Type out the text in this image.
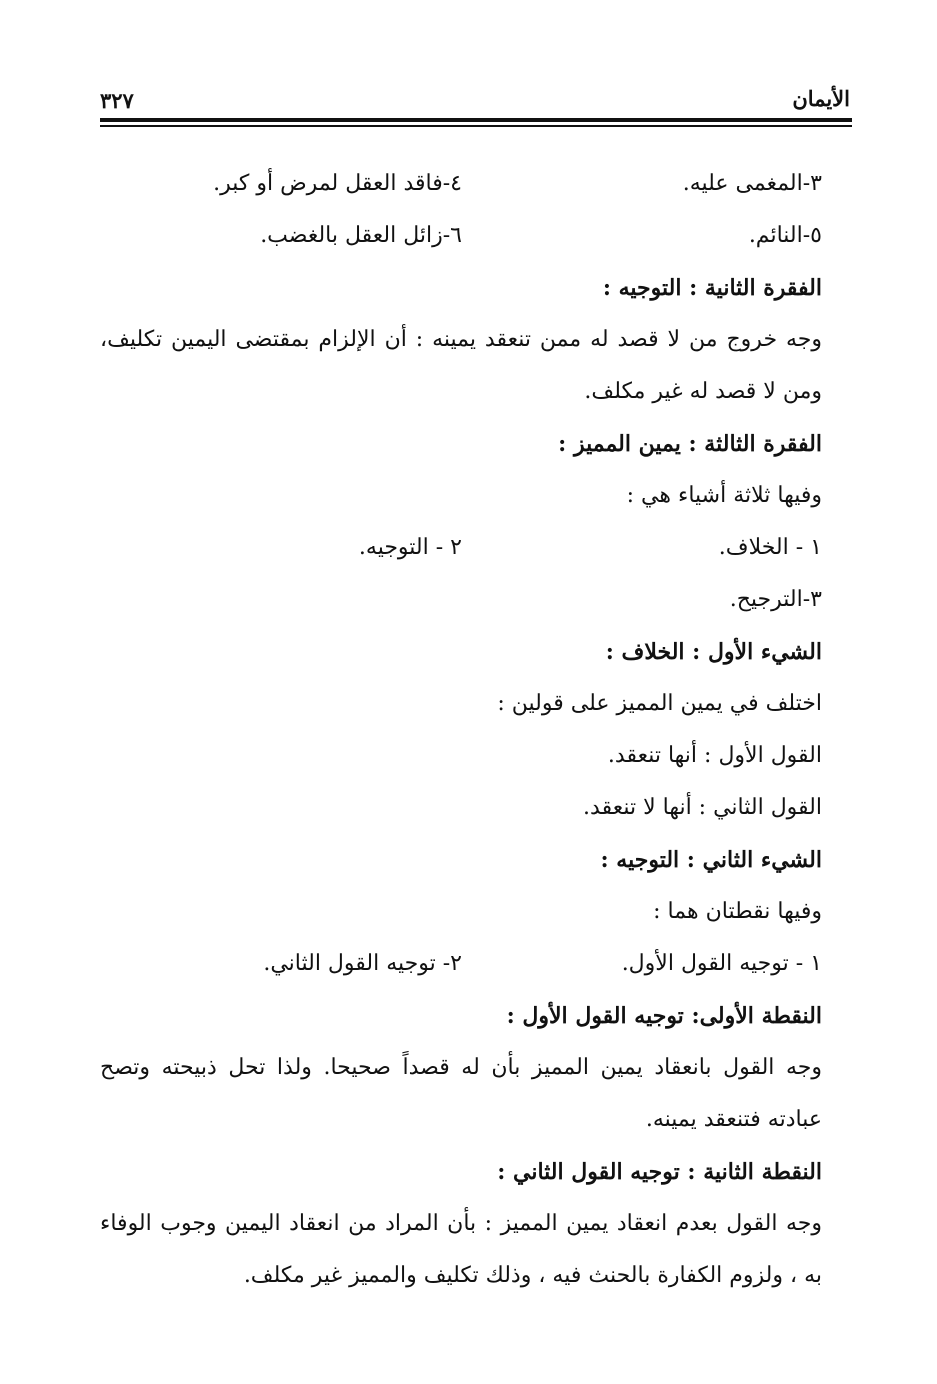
الأيمان
٣٢٧
٣-المغمى عليه.
٤-فاقد العقل لمرض أو كبر.
٥-النائم.
٦-زائل العقل بالغضب.
الفقرة الثانية : التوجيه :

وجه خروج من لا قصد له ممن تنعقد يمينه : أن الإلزام بمقتضى اليمين تكليف، ومن لا قصد له غير مكلف.

الفقرة الثالثة : يمين المميز :
وفيها ثلاثة أشياء هي :
١ - الخلاف.
٢ - التوجيه.
٣-الترجيح.
الشيء الأول : الخلاف :
اختلف في يمين المميز على قولين :
القول الأول : أنها تنعقد.
القول الثاني : أنها لا تنعقد.
الشيء الثاني : التوجيه :
وفيها نقطتان هما :
١ - توجيه القول الأول.
٢- توجيه القول الثاني.
النقطة الأولى: توجيه القول الأول :

وجه القول بانعقاد يمين المميز بأن له قصداً صحيحا. ولذا تحل ذبيحته وتصح عبادته فتنعقد يمينه.

النقطة الثانية : توجيه القول الثاني :

وجه القول بعدم انعقاد يمين المميز : بأن المراد من انعقاد اليمين وجوب الوفاء به ، ولزوم الكفارة بالحنث فيه ، وذلك تكليف والمميز غير مكلف.
